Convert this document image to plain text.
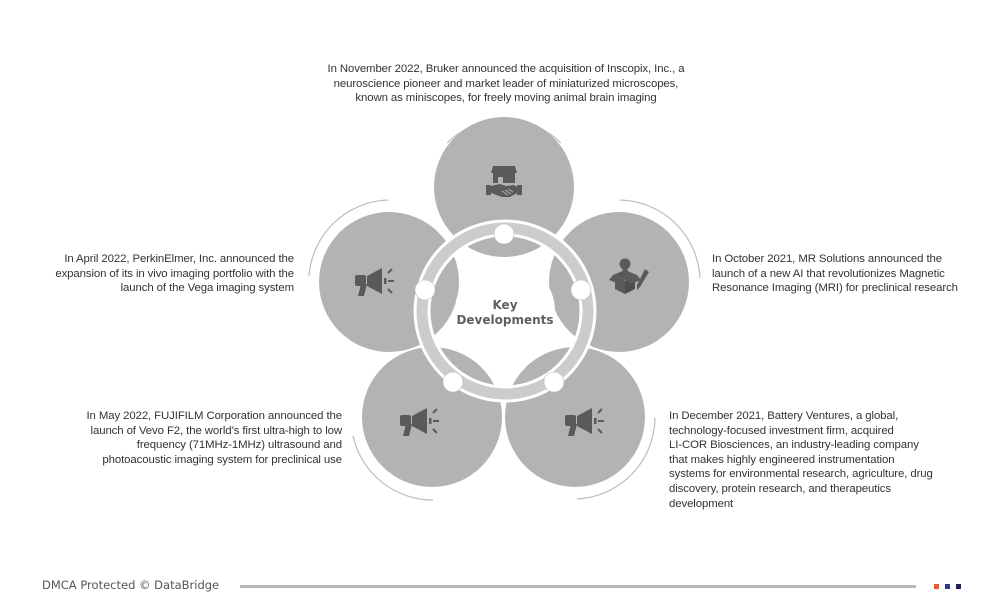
Key
Developments
In November 2022, Bruker announced the acquisition of Inscopix, Inc., a
neuroscience pioneer and market leader of miniaturized microscopes,
known as miniscopes, for freely moving animal brain imaging
In April 2022, PerkinElmer, Inc. announced the
expansion of its in vivo imaging portfolio with the
launch of the Vega imaging system
In October 2021, MR Solutions announced the
launch of a new AI that revolutionizes Magnetic
Resonance Imaging (MRI) for preclinical research
In May 2022, FUJIFILM Corporation announced the
launch of Vevo F2, the world’s first ultra-high to low
frequency (71MHz-1MHz) ultrasound and
photoacoustic imaging system for preclinical use
In December 2021, Battery Ventures, a global,
technology-focused investment firm, acquired
LI-COR Biosciences, an industry-leading company
that makes highly engineered instrumentation
systems for environmental research, agriculture, drug
discovery, protein research, and therapeutics
development
DMCA Protected © DataBridge
